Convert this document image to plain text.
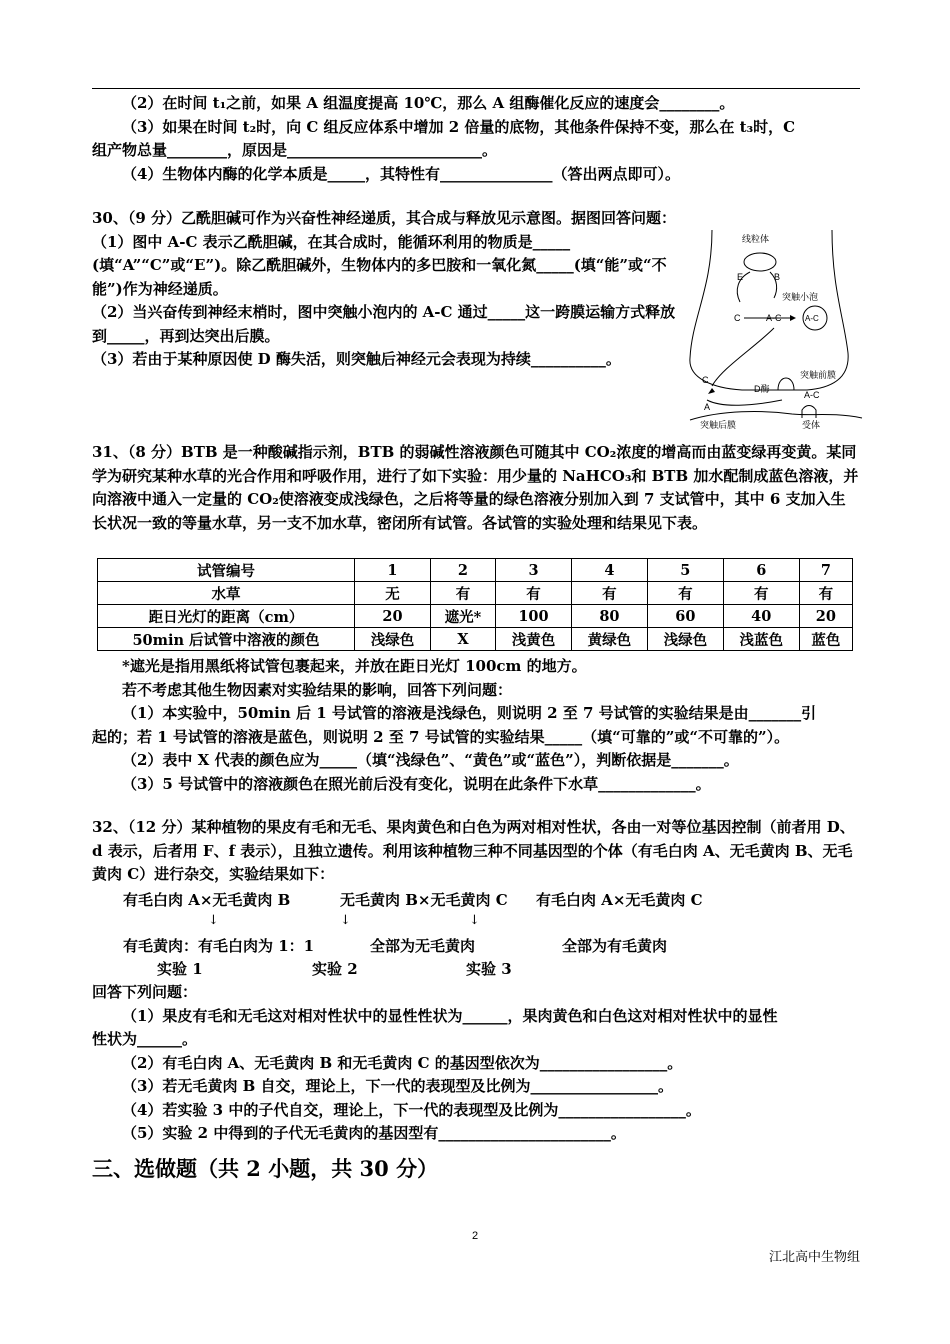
（2）在时间 t₁之前，如果 A 组温度提高 10℃，那么 A 组酶催化反应的速度会________。
（3）如果在时间 t₂时，向 C 组反应体系中增加 2 倍量的底物，其他条件保持不变，那么在 t₃时，C
组产物总量________，原因是__________________________。
（4）生物体内酶的化学本质是_____，其特性有_______________（答出两点即可）。
30、（9 分）乙酰胆碱可作为兴奋性神经递质，其合成与释放见示意图。据图回答问题：
（1）图中 A-C 表示乙酰胆碱，在其合成时，能循环利用的物质是_____ (填“A”“C”或“E”)。除乙酰胆碱外，生物体内的多巴胺和一氧化氮_____(填“能”或“不能”)作为神经递质。
（2）当兴奋传到神经末梢时，图中突触小泡内的 A-C 通过_____这一跨膜运输方式释放到_____，再到达突出后膜。
（3）若由于某种原因使 D 酶失活，则突触后神经元会表现为持续__________。
线粒体
E	B
突触小泡
C	A-C	A-C
突触前膜
C
D酶
A-C
A
突触后膜	受体
31、（8 分）BTB 是一种酸碱指示剂，BTB 的弱碱性溶液颜色可随其中 CO₂浓度的增高而由蓝变绿再变黄。某同学为研究某种水草的光合作用和呼吸作用，进行了如下实验：用少量的 NaHCO₃和 BTB 加水配制成蓝色溶液，并向溶液中通入一定量的 CO₂使溶液变成浅绿色，之后将等量的绿色溶液分别加入到 7 支试管中，其中 6 支加入生长状况一致的等量水草，另一支不加水草，密闭所有试管。各试管的实验处理和结果见下表。
试管编号	1	2	3	4	5	6	7
水草	无	有	有	有	有	有	有
距日光灯的距离（cm）	20	遮光*	100	80	60	40	20
50min 后试管中溶液的颜色	浅绿色	X	浅黄色	黄绿色	浅绿色	浅蓝色	蓝色
*遮光是指用黑纸将试管包裹起来，并放在距日光灯 100cm 的地方。
若不考虑其他生物因素对实验结果的影响，回答下列问题：
（1）本实验中，50min 后 1 号试管的溶液是浅绿色，则说明 2 至 7 号试管的实验结果是由_______引
起的；若 1 号试管的溶液是蓝色，则说明 2 至 7 号试管的实验结果_____（填“可靠的”或“不可靠的”）。
（2）表中 X 代表的颜色应为_____（填“浅绿色”、“黄色”或“蓝色”），判断依据是_______。
（3）5 号试管中的溶液颜色在照光前后没有变化，说明在此条件下水草_____________。
32、（12 分）某种植物的果皮有毛和无毛、果肉黄色和白色为两对相对性状，各由一对等位基因控制（前者用 D、d 表示，后者用 F、f 表示），且独立遗传。利用该种植物三种不同基因型的个体（有毛白肉 A、无毛黄肉 B、无毛黄肉 C）进行杂交，实验结果如下：
有毛白肉 A×无毛黄肉 B	无毛黄肉 B×无毛黄肉 C 有毛白肉 A×无毛黄肉 C
↓	↓	↓
有毛黄肉：有毛白肉为 1：1	全部为无毛黄肉	全部为有毛黄肉
实验 1	实验 2	实验 3
回答下列问题：
（1）果皮有毛和无毛这对相对性状中的显性性状为______，果肉黄色和白色这对相对性状中的显性
性状为______。
（2）有毛白肉 A、无毛黄肉 B 和无毛黄肉 C 的基因型依次为_________________。
（3）若无毛黄肉 B 自交，理论上，下一代的表现型及比例为_________________。
（4）若实验 3 中的子代自交，理论上，下一代的表现型及比例为_________________。
（5）实验 2 中得到的子代无毛黄肉的基因型有_______________________。
三、选做题（共 2 小题，共 30 分）
2
江北高中生物组
